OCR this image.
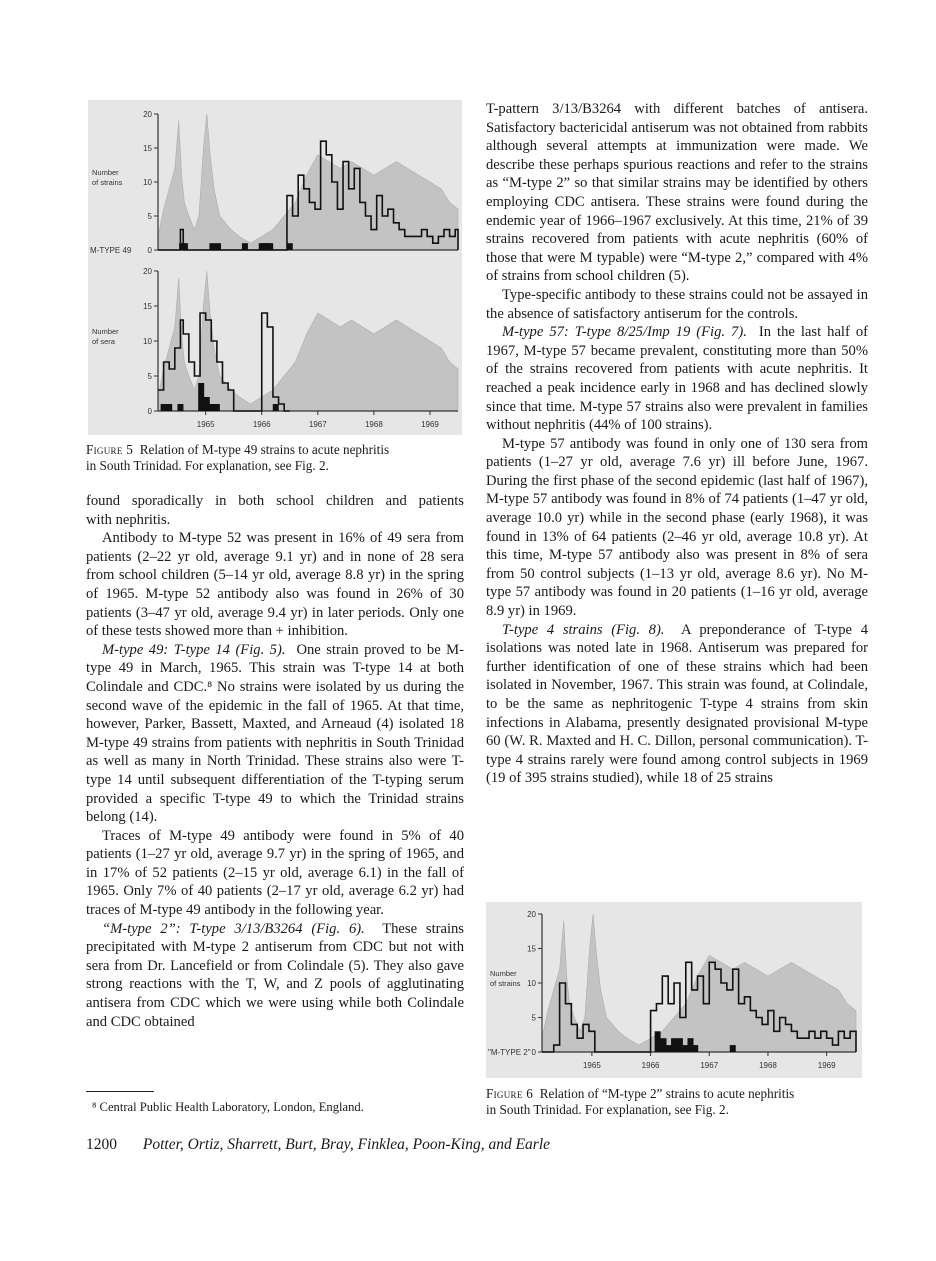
0
5
10
15
20
Number
of strains
M-TYPE 49
0
5
10
15
20
1965	1966	1967	1968	1969
Number
of sera
Figure 5 Relation of M-type 49 strains to acute nephritis
in South Trinidad. For explanation, see Fig. 2.

found sporadically in both school children and patients

with nephritis.

Antibody to M-type 52 was present in 16% of 49 sera from patients (2–22 yr old, average 9.1 yr) and in none of 28 sera from school children (5–14 yr old, average 8.8 yr) in the spring of 1965. M-type 52 antibody also was found in 26% of 30 patients (3–47 yr old, average 9.4 yr) in later periods. Only one of these tests showed more than + inhibition.

M-type 49: T-type 14 (Fig. 5). One strain proved to be M-type 49 in March, 1965. This strain was T-type 14 at both Colindale and CDC.⁸ No strains were isolated by us during the second wave of the epidemic in the fall of 1965. At that time, however, Parker, Bassett, Maxted, and Arneaud (4) isolated 18 M-type 49 strains from patients with nephritis in South Trinidad as well as many in North Trinidad. These strains also were T-type 14 until subsequent differentiation of the T-typing serum provided a specific T-type 49 to which the Trinidad strains belong (14).

Traces of M-type 49 antibody were found in 5% of 40 patients (1–27 yr old, average 9.7 yr) in the spring of 1965, and in 17% of 52 patients (2–15 yr old, average 6.1) in the fall of 1965. Only 7% of 40 patients (2–17 yr old, average 6.2 yr) had traces of M-type 49 antibody in the following year.

“M-type 2”: T-type 3/13/B3264 (Fig. 6). These strains precipitated with M-type 2 antiserum from CDC but not with sera from Dr. Lancefield or from Colindale (5). They also gave strong reactions with the T, W, and Z pools of agglutinating antisera from CDC which we were using while both Colindale and CDC obtained

⁸ Central Public Health Laboratory, London, England.

T-pattern 3/13/B3264 with different batches of antisera. Satisfactory bactericidal antiserum was not obtained from rabbits although several attempts at immunization were made. We describe these perhaps spurious reactions and refer to the strains as “M-type 2” so that similar strains may be identified by others employing CDC antisera. These strains were found during the endemic year of 1966–1967 exclusively. At this time, 21% of 39 strains recovered from patients with acute nephritis (60% of those that were M typable) were “M-type 2,” compared with 4% of strains from school children (5).

Type-specific antibody to these strains could not be assayed in the absence of satisfactory antiserum for the controls.

M-type 57: T-type 8/25/Imp 19 (Fig. 7). In the last half of 1967, M-type 57 became prevalent, constituting more than 50% of the strains recovered from patients with acute nephritis. It reached a peak incidence early in 1968 and has declined slowly since that time. M-type 57 strains also were prevalent in families without nephritis (44% of 100 strains).

M-type 57 antibody was found in only one of 130 sera from patients (1–27 yr old, average 7.6 yr) ill before June, 1967. During the first phase of the second epidemic (last half of 1967), M-type 57 antibody was found in 8% of 74 patients (1–47 yr old, average 10.0 yr) while in the second phase (early 1968), it was found in 13% of 64 patients (2–46 yr old, average 10.8 yr). At this time, M-type 57 antibody also was present in 8% of sera from 50 control subjects (1–13 yr old, average 8.6 yr). No M-type 57 antibody was found in 20 patients (1–16 yr old, average 8.9 yr) in 1969.

T-type 4 strains (Fig. 8). A preponderance of T-type 4 isolations was noted late in 1968. Antiserum was prepared for further identification of one of these strains which had been isolated in November, 1967. This strain was found, at Colindale, to be the same as nephritogenic T-type 4 strains from skin infections in Alabama, presently designated provisional M-type 60 (W. R. Maxted and H. C. Dillon, personal communication). T-type 4 strains rarely were found among control subjects in 1969 (19 of 395 strains studied), while 18 of 25 strains

0
5
10
15
20
1965	1966	1967	1968	1969
Number
of strains
"M-TYPE 2"
Figure 6 Relation of “M-type 2” strains to acute nephritis
in South Trinidad. For explanation, see Fig. 2.
1200 Potter, Ortiz, Sharrett, Burt, Bray, Finklea, Poon-King, and Earle
